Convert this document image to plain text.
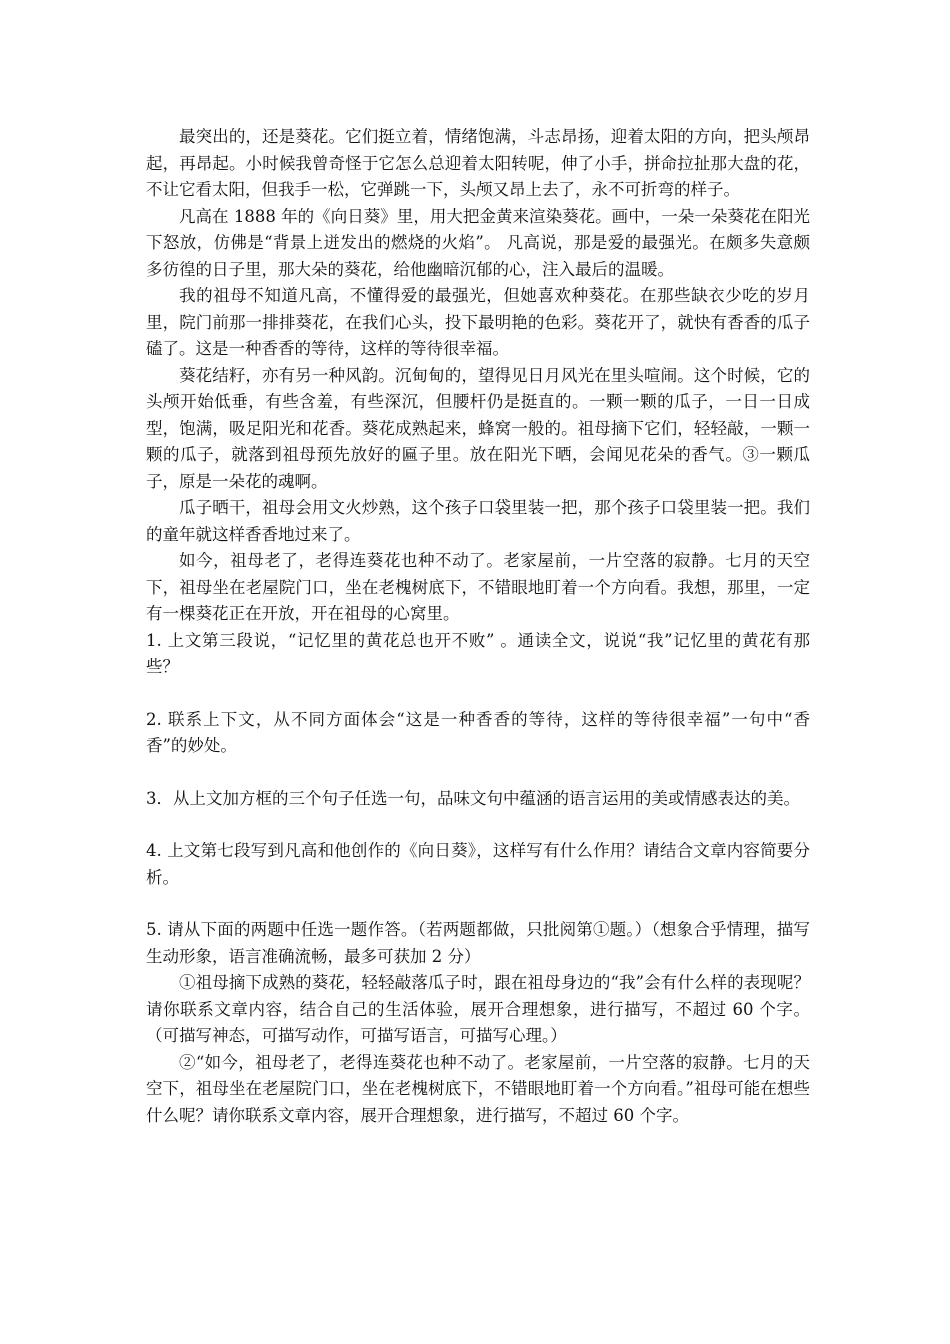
最突出的，还是葵花。它们挺立着，情绪饱满，斗志昂扬，迎着太阳的方向，把头颅昂起，再昂起。小时候我曾奇怪于它怎么总迎着太阳转呢，伸了小手，拼命拉扯那大盘的花，不让它看太阳，但我手一松，它弹跳一下，头颅又昂上去了，永不可折弯的样子。

凡高在 1888 年的《向日葵》里，用大把金黄来渲染葵花。画中，一朵一朵葵花在阳光下怒放，仿佛是“背景上迸发出的燃烧的火焰”。 凡高说，那是爱的最强光。在颇多失意颇多彷徨的日子里，那大朵的葵花，给他幽暗沉郁的心，注入最后的温暖。

我的祖母不知道凡高，不懂得爱的最强光，但她喜欢种葵花。在那些缺衣少吃的岁月里，院门前那一排排葵花，在我们心头，投下最明艳的色彩。葵花开了，就快有香香的瓜子磕了。这是一种香香的等待，这样的等待很幸福。

葵花结籽，亦有另一种风韵。沉甸甸的，望得见日月风光在里头喧闹。这个时候，它的头颅开始低垂，有些含羞，有些深沉，但腰杆仍是挺直的。一颗一颗的瓜子，一日一日成型，饱满，吸足阳光和花香。葵花成熟起来，蜂窝一般的。祖母摘下它们，轻轻敲，一颗一颗的瓜子，就落到祖母预先放好的匾子里。放在阳光下晒，会闻见花朵的香气。③一颗瓜子，原是一朵花的魂啊。

瓜子晒干，祖母会用文火炒熟，这个孩子口袋里装一把，那个孩子口袋里装一把。我们的童年就这样香香地过来了。

如今，祖母老了，老得连葵花也种不动了。老家屋前，一片空落的寂静。七月的天空下，祖母坐在老屋院门口，坐在老槐树底下，不错眼地盯着一个方向看。我想，那里，一定有一棵葵花正在开放，开在祖母的心窝里。

1. 上文第三段说，“记忆里的黄花总也开不败” 。通读全文，说说“我”记忆里的黄花有那些？

2. 联系上下文，从不同方面体会“这是一种香香的等待，这样的等待很幸福”一句中“香香”的妙处。

3．从上文加方框的三个句子任选一句，品味文句中蕴涵的语言运用的美或情感表达的美。

4. 上文第七段写到凡高和他创作的《向日葵》，这样写有什么作用？请结合文章内容简要分析。

5. 请从下面的两题中任选一题作答。（若两题都做，只批阅第①题。）（想象合乎情理，描写生动形象，语言准确流畅，最多可获加 2 分）

①祖母摘下成熟的葵花，轻轻敲落瓜子时，跟在祖母身边的“我”会有什么样的表现呢？请你联系文章内容，结合自己的生活体验，展开合理想象，进行描写，不超过 60 个字。（可描写神态，可描写动作，可描写语言，可描写心理。）

②“如今，祖母老了，老得连葵花也种不动了。老家屋前，一片空落的寂静。七月的天空下，祖母坐在老屋院门口，坐在老槐树底下，不错眼地盯着一个方向看。”祖母可能在想些什么呢？请你联系文章内容，展开合理想象，进行描写，不超过 60 个字。
